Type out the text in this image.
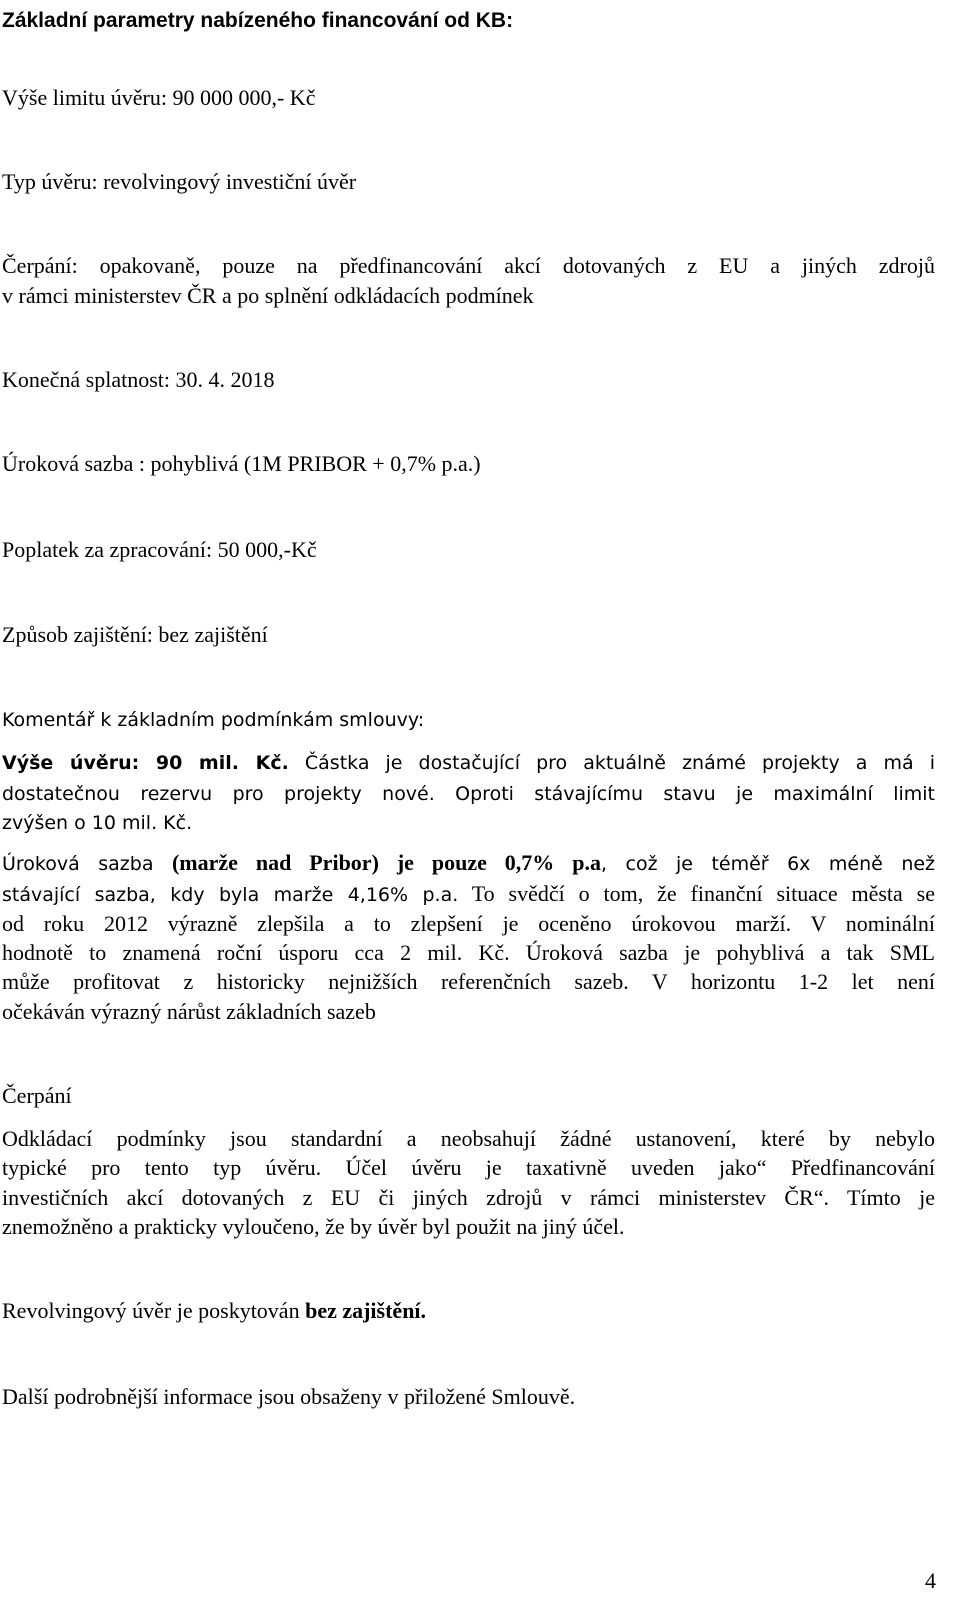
Základní parametry nabízeného financování od KB:

Výše limitu úvěru: 90 000 000,- Kč

Typ úvěru: revolvingový investiční úvěr

Čerpání: opakovaně, pouze na předfinancování akcí dotovaných z EU a jiných zdrojů

v rámci ministerstev ČR a po splnění odkládacích podmínek

Konečná splatnost: 30. 4. 2018

Úroková sazba : pohyblivá (1M PRIBOR + 0,7% p.a.)

Poplatek za zpracování: 50 000,-Kč

Způsob zajištění: bez zajištění

Komentář k základním podmínkám smlouvy:

Výše úvěru: 90 mil. Kč. Částka je dostačující pro aktuálně známé projekty a má i

dostatečnou rezervu pro projekty nové. Oproti stávajícímu stavu je maximální limit

zvýšen o 10 mil. Kč.

Úroková sazba (marže nad Pribor) je pouze 0,7% p.a, což je téměř 6x méně než

stávající sazba, kdy byla marže 4,16% p.a. To svědčí o tom, že finanční situace města se

od roku 2012 výrazně zlepšila a to zlepšení je oceněno úrokovou marží. V nominální

hodnotě to znamená roční úsporu cca 2 mil. Kč. Úroková sazba je pohyblivá a tak SML

může profitovat z historicky nejnižších referenčních sazeb. V horizontu 1-2 let není

očekáván výrazný nárůst základních sazeb

Čerpání

Odkládací podmínky jsou standardní a neobsahují žádné ustanovení, které by nebylo

typické pro tento typ úvěru. Účel úvěru je taxativně uveden jako“ Předfinancování

investičních akcí dotovaných z EU či jiných zdrojů v rámci ministerstev ČR“. Tímto je

znemožněno a prakticky vyloučeno, že by úvěr byl použit na jiný účel.

Revolvingový úvěr je poskytován bez zajištění.

Další podrobnější informace jsou obsaženy v přiložené Smlouvě.

4
